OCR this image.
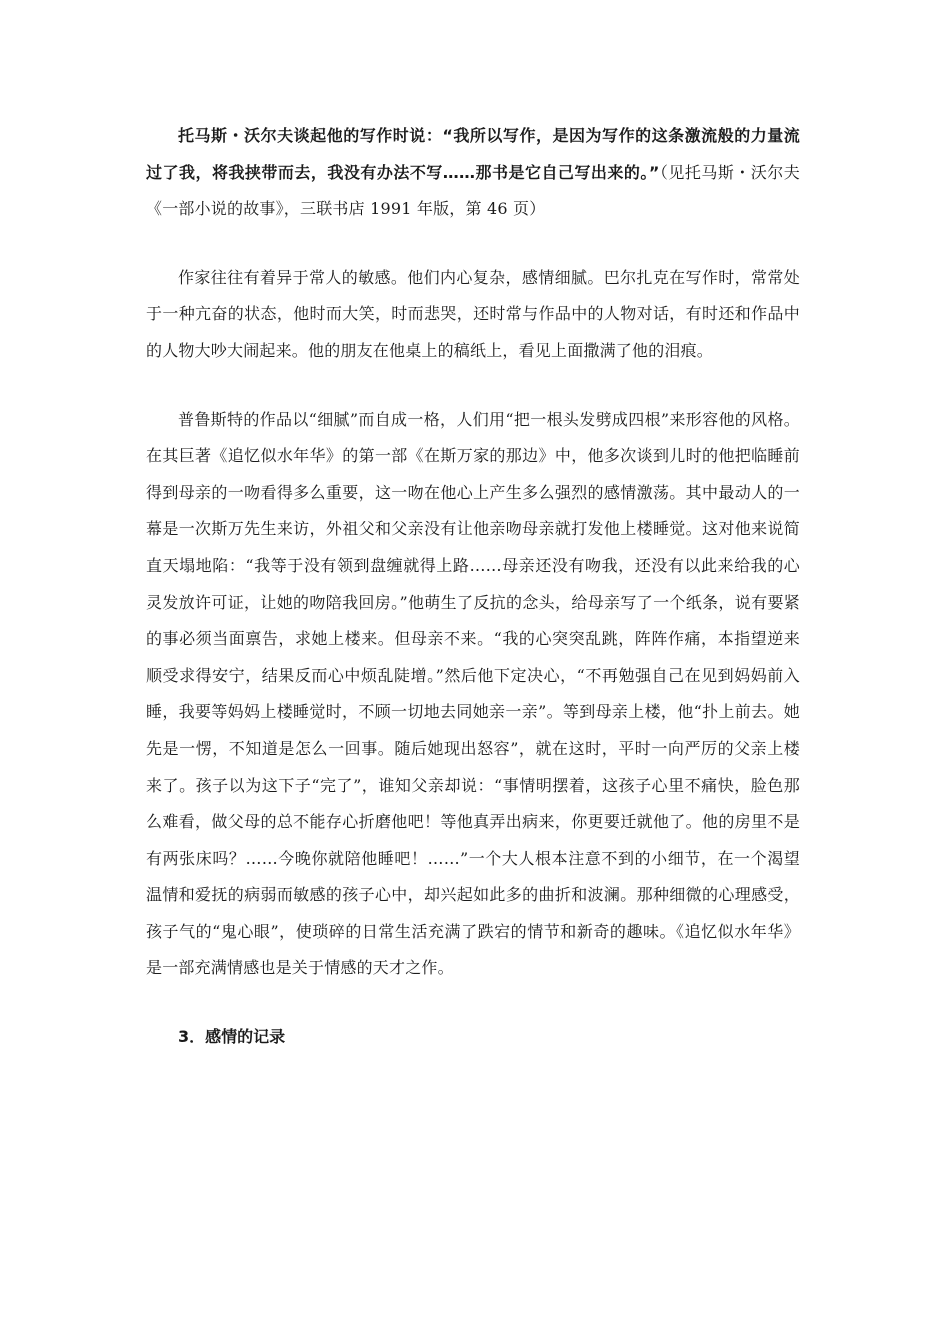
托马斯・沃尔夫谈起他的写作时说：“我所以写作，是因为写作的这条激流般的力量流过了我，将我挟带而去，我没有办法不写……那书是它自己写出来的。”（见托马斯・沃尔夫《一部小说的故事》，三联书店 1991 年版，第 46 页）

作家往往有着异于常人的敏感。他们内心复杂，感情细腻。巴尔扎克在写作时，常常处于一种亢奋的状态，他时而大笑，时而悲哭，还时常与作品中的人物对话，有时还和作品中的人物大吵大闹起来。他的朋友在他桌上的稿纸上，看见上面撒满了他的泪痕。

普鲁斯特的作品以“细腻”而自成一格，人们用“把一根头发劈成四根”来形容他的风格。在其巨著《追忆似水年华》的第一部《在斯万家的那边》中，他多次谈到儿时的他把临睡前得到母亲的一吻看得多么重要，这一吻在他心上产生多么强烈的感情激荡。其中最动人的一幕是一次斯万先生来访，外祖父和父亲没有让他亲吻母亲就打发他上楼睡觉。这对他来说简直天塌地陷：“我等于没有领到盘缠就得上路……母亲还没有吻我，还没有以此来给我的心灵发放许可证，让她的吻陪我回房。”他萌生了反抗的念头，给母亲写了一个纸条，说有要紧的事必须当面禀告，求她上楼来。但母亲不来。“我的心突突乱跳，阵阵作痛，本指望逆来顺受求得安宁，结果反而心中烦乱陡增。”然后他下定决心，“不再勉强自己在见到妈妈前入睡，我要等妈妈上楼睡觉时，不顾一切地去同她亲一亲”。等到母亲上楼，他“扑上前去。她先是一愣，不知道是怎么一回事。随后她现出怒容”，就在这时，平时一向严厉的父亲上楼来了。孩子以为这下子“完了”，谁知父亲却说：“事情明摆着，这孩子心里不痛快，脸色那么难看，做父母的总不能存心折磨他吧！等他真弄出病来，你更要迁就他了。他的房里不是有两张床吗？……今晚你就陪他睡吧！……”一个大人根本注意不到的小细节，在一个渴望温情和爱抚的病弱而敏感的孩子心中，却兴起如此多的曲折和波澜。那种细微的心理感受，孩子气的“鬼心眼”，使琐碎的日常生活充满了跌宕的情节和新奇的趣味。《追忆似水年华》是一部充满情感也是关于情感的天才之作。

3．感情的记录
